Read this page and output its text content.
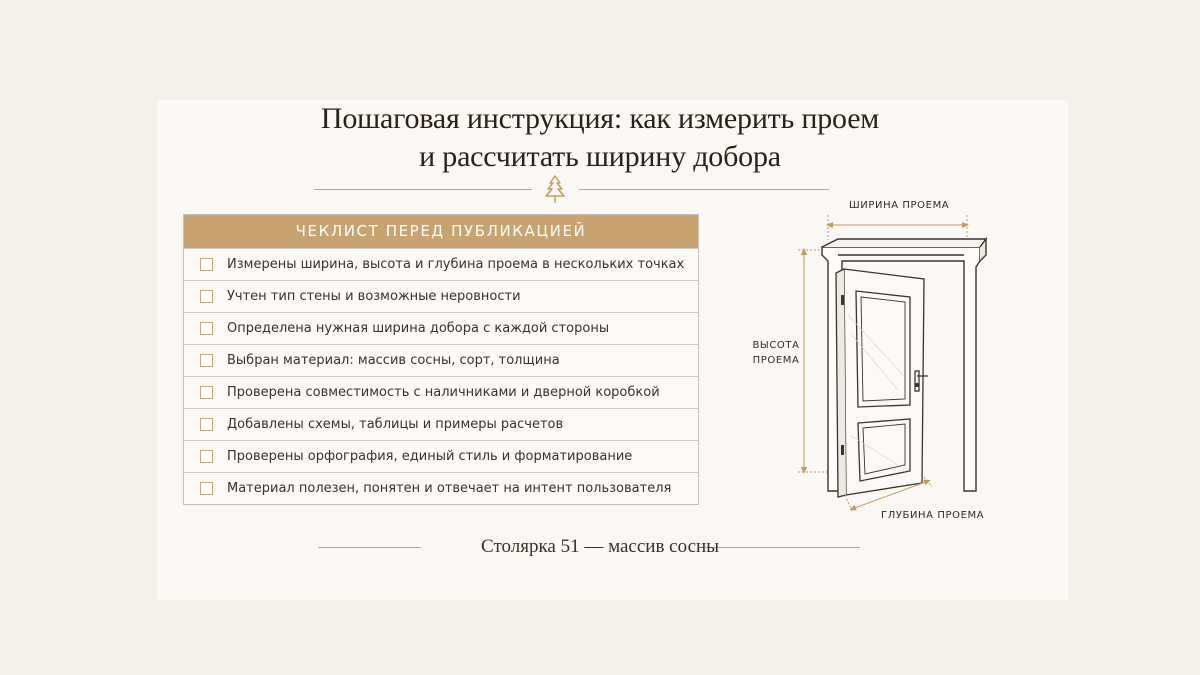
Пошаговая инструкция: как измерить проем
и рассчитать ширину добора
ЧЕКЛИСТ ПЕРЕД ПУБЛИКАЦИЕЙ
Измерены ширина, высота и глубина проема в нескольких точках
Учтен тип стены и возможные неровности
Определена нужная ширина добора с каждой стороны
Выбран материал: массив сосны, сорт, толщина
Проверена совместимость с наличниками и дверной коробкой
Добавлены схемы, таблицы и примеры расчетов
Проверены орфография, единый стиль и форматирование
Материал полезен, понятен и отвечает на интент пользователя
ШИРИНА ПРОЕМА
ВЫСОТА
ПРОЕМА
ГЛУБИНА ПРОЕМА
Столярка 51 — массив сосны
